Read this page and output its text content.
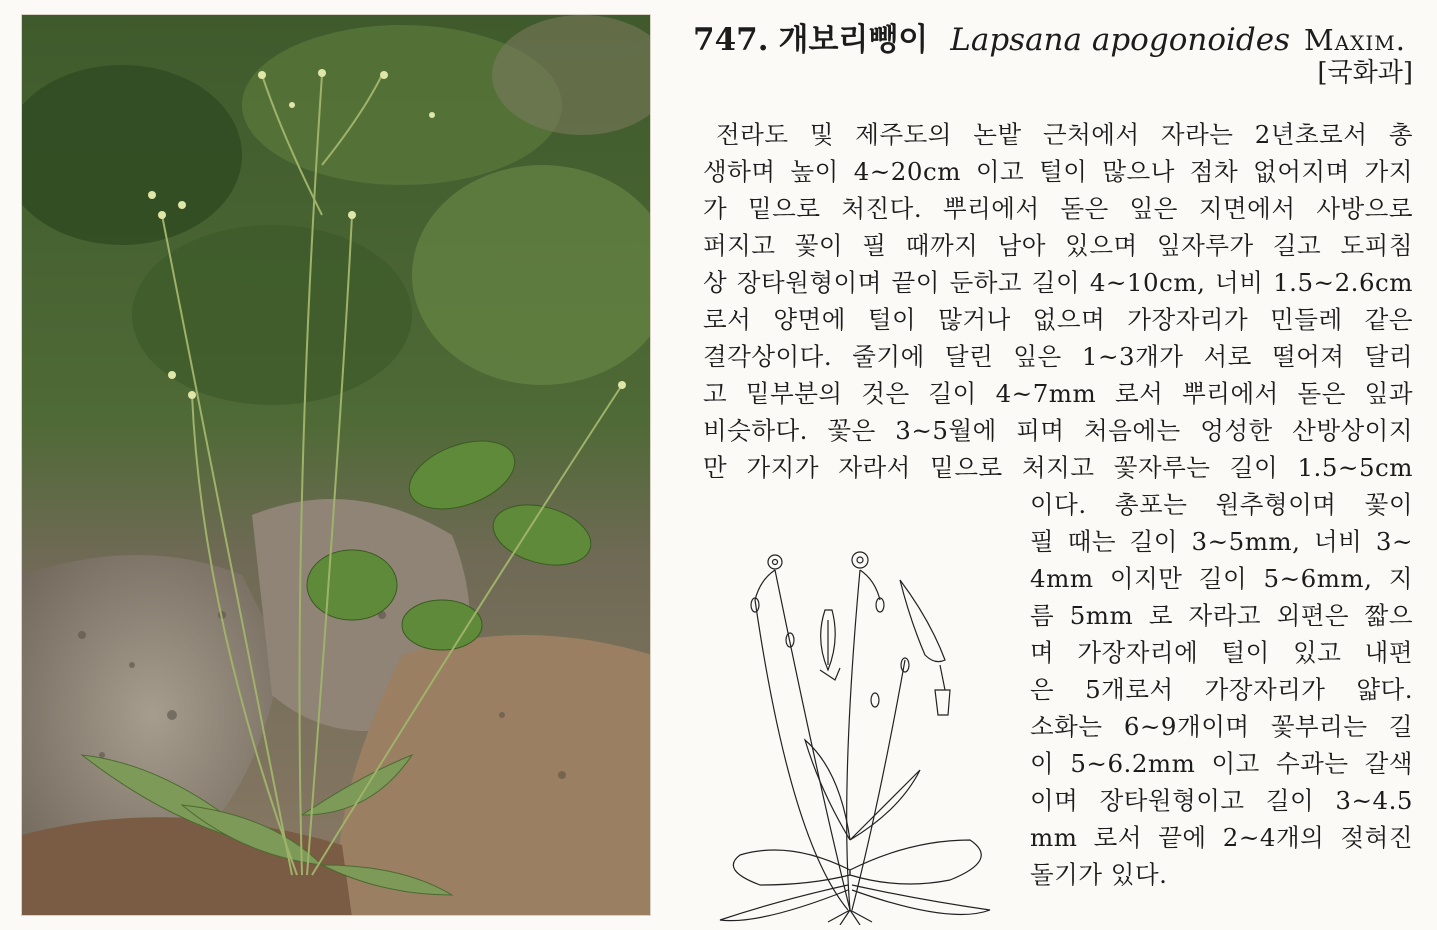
747. 개보리뺑이 Lapsana apogonoides Maxim.
[국화과]
전라도 및 제주도의 논밭 근처에서 자라는 2년초로서 총
생하며 높이 4~20cm 이고 털이 많으나 점차 없어지며 가지
가 밑으로 처진다. 뿌리에서 돋은 잎은 지면에서 사방으로
퍼지고 꽃이 필 때까지 남아 있으며 잎자루가 길고 도피침
상 장타원형이며 끝이 둔하고 길이 4~10cm, 너비 1.5~2.6cm
로서 양면에 털이 많거나 없으며 가장자리가 민들레 같은
결각상이다. 줄기에 달린 잎은 1~3개가 서로 떨어져 달리
고 밑부분의 것은 길이 4~7mm 로서 뿌리에서 돋은 잎과
비슷하다. 꽃은 3~5월에 피며 처음에는 엉성한 산방상이지
만 가지가 자라서 밑으로 처지고 꽃자루는 길이 1.5~5cm
이다. 총포는 원추형이며 꽃이
필 때는 길이 3~5mm, 너비 3~
4mm 이지만 길이 5~6mm, 지
름 5mm 로 자라고 외편은 짧으
며 가장자리에 털이 있고 내편
은 5개로서 가장자리가 얇다.
소화는 6~9개이며 꽃부리는 길
이 5~6.2mm 이고 수과는 갈색
이며 장타원형이고 길이 3~4.5
mm 로서 끝에 2~4개의 젖혀진
돌기가 있다.
